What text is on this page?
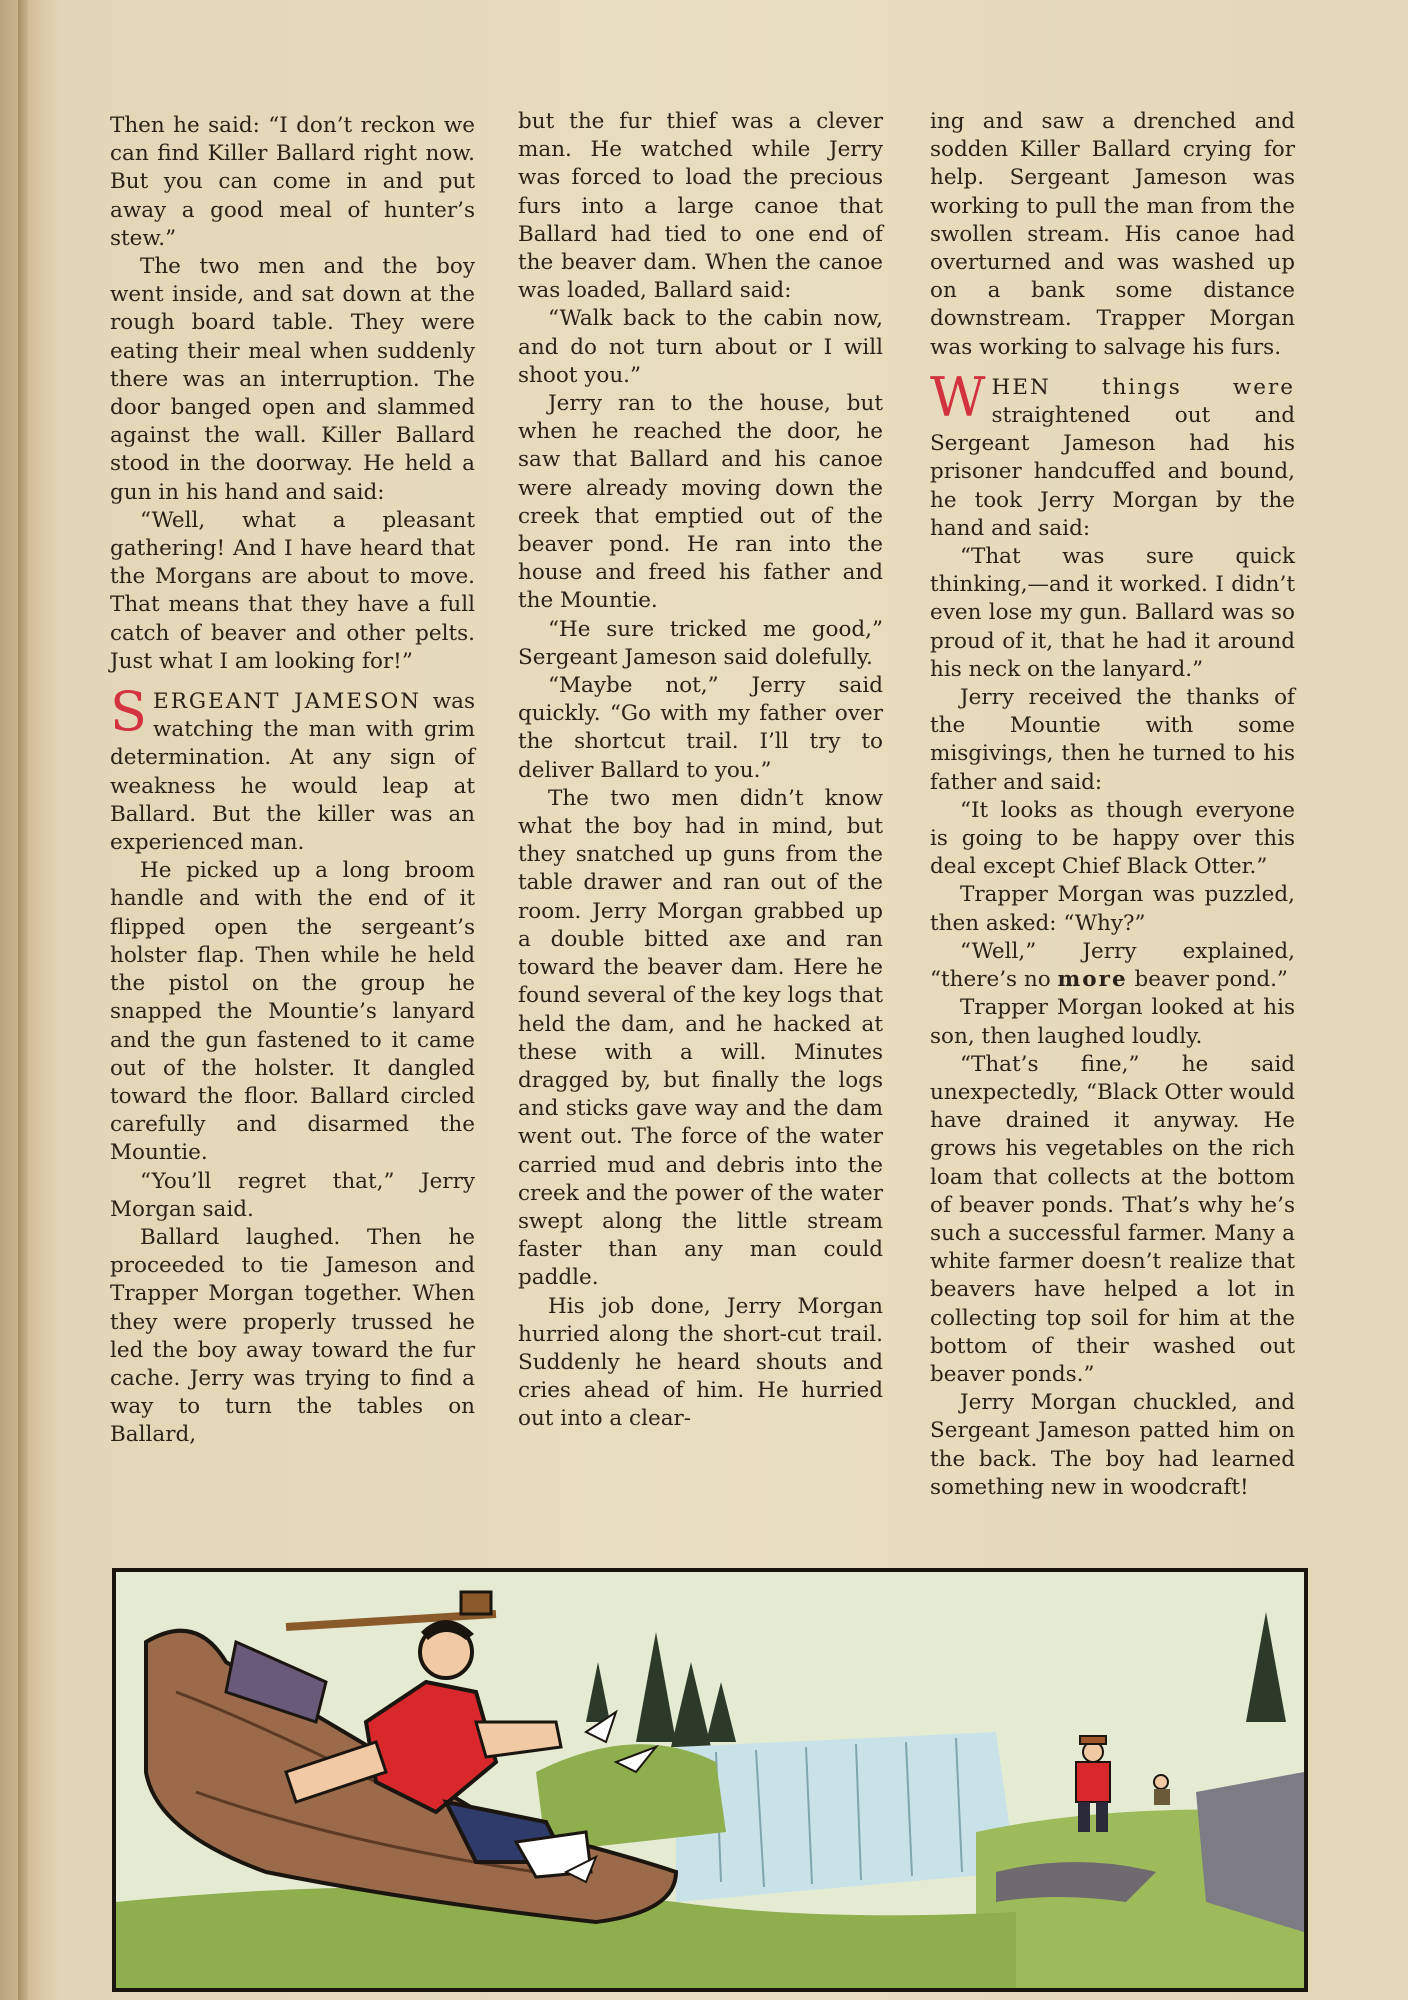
Then he said: “I don’t reckon we can find Killer Ballard right now. But you can come in and put away a good meal of hunter’s stew.”

The two men and the boy went inside, and sat down at the rough board table. They were eating their meal when suddenly there was an interruption. The door banged open and slammed against the wall. Killer Ballard stood in the doorway. He held a gun in his hand and said:

“Well, what a pleasant gathering! And I have heard that the Morgans are about to move. That means that they have a full catch of beaver and other pelts. Just what I am looking for!”

SERGEANT JAMESON was watching the man with grim determination. At any sign of weakness he would leap at Ballard. But the killer was an experienced man.

He picked up a long broom handle and with the end of it flipped open the sergeant’s holster flap. Then while he held the pistol on the group he snapped the Mountie’s lanyard and the gun fastened to it came out of the holster. It dangled toward the floor. Ballard circled carefully and disarmed the Mountie.

“You’ll regret that,” Jerry Morgan said.

Ballard laughed. Then he proceeded to tie Jameson and Trapper Morgan together. When they were properly trussed he led the boy away toward the fur cache. Jerry was trying to find a way to turn the tables on Ballard,

but the fur thief was a clever man. He watched while Jerry was forced to load the precious furs into a large canoe that Ballard had tied to one end of the beaver dam. When the canoe was loaded, Ballard said:

“Walk back to the cabin now, and do not turn about or I will shoot you.”

Jerry ran to the house, but when he reached the door, he saw that Ballard and his canoe were already moving down the creek that emptied out of the beaver pond. He ran into the house and freed his father and the Mountie.

“He sure tricked me good,” Sergeant Jameson said dolefully.

“Maybe not,” Jerry said quickly. “Go with my father over the shortcut trail. I’ll try to deliver Ballard to you.”

The two men didn’t know what the boy had in mind, but they snatched up guns from the table drawer and ran out of the room. Jerry Morgan grabbed up a double bitted axe and ran toward the beaver dam. Here he found several of the key logs that held the dam, and he hacked at these with a will. Minutes dragged by, but finally the logs and sticks gave way and the dam went out. The force of the water carried mud and debris into the creek and the power of the water swept along the little stream faster than any man could paddle.

His job done, Jerry Morgan hurried along the short-cut trail. Suddenly he heard shouts and cries ahead of him. He hurried out into a clear-

ing and saw a drenched and sodden Killer Ballard crying for help. Sergeant Jameson was working to pull the man from the swollen stream. His canoe had overturned and was washed up on a bank some distance downstream. Trapper Morgan was working to salvage his furs.

WHEN things were straightened out and Sergeant Jameson had his prisoner handcuffed and bound, he took Jerry Morgan by the hand and said:

“That was sure quick thinking,—and it worked. I didn’t even lose my gun. Ballard was so proud of it, that he had it around his neck on the lanyard.”

Jerry received the thanks of the Mountie with some misgivings, then he turned to his father and said:

“It looks as though everyone is going to be happy over this deal except Chief Black Otter.”

Trapper Morgan was puzzled, then asked: “Why?”

“Well,” Jerry explained, “there’s no more beaver pond.”

Trapper Morgan looked at his son, then laughed loudly.

“That’s fine,” he said unexpectedly, “Black Otter would have drained it anyway. He grows his vegetables on the rich loam that collects at the bottom of beaver ponds. That’s why he’s such a successful farmer. Many a white farmer doesn’t realize that beavers have helped a lot in collecting top soil for him at the bottom of their washed out beaver ponds.”

Jerry Morgan chuckled, and Sergeant Jameson patted him on the back. The boy had learned something new in woodcraft!
